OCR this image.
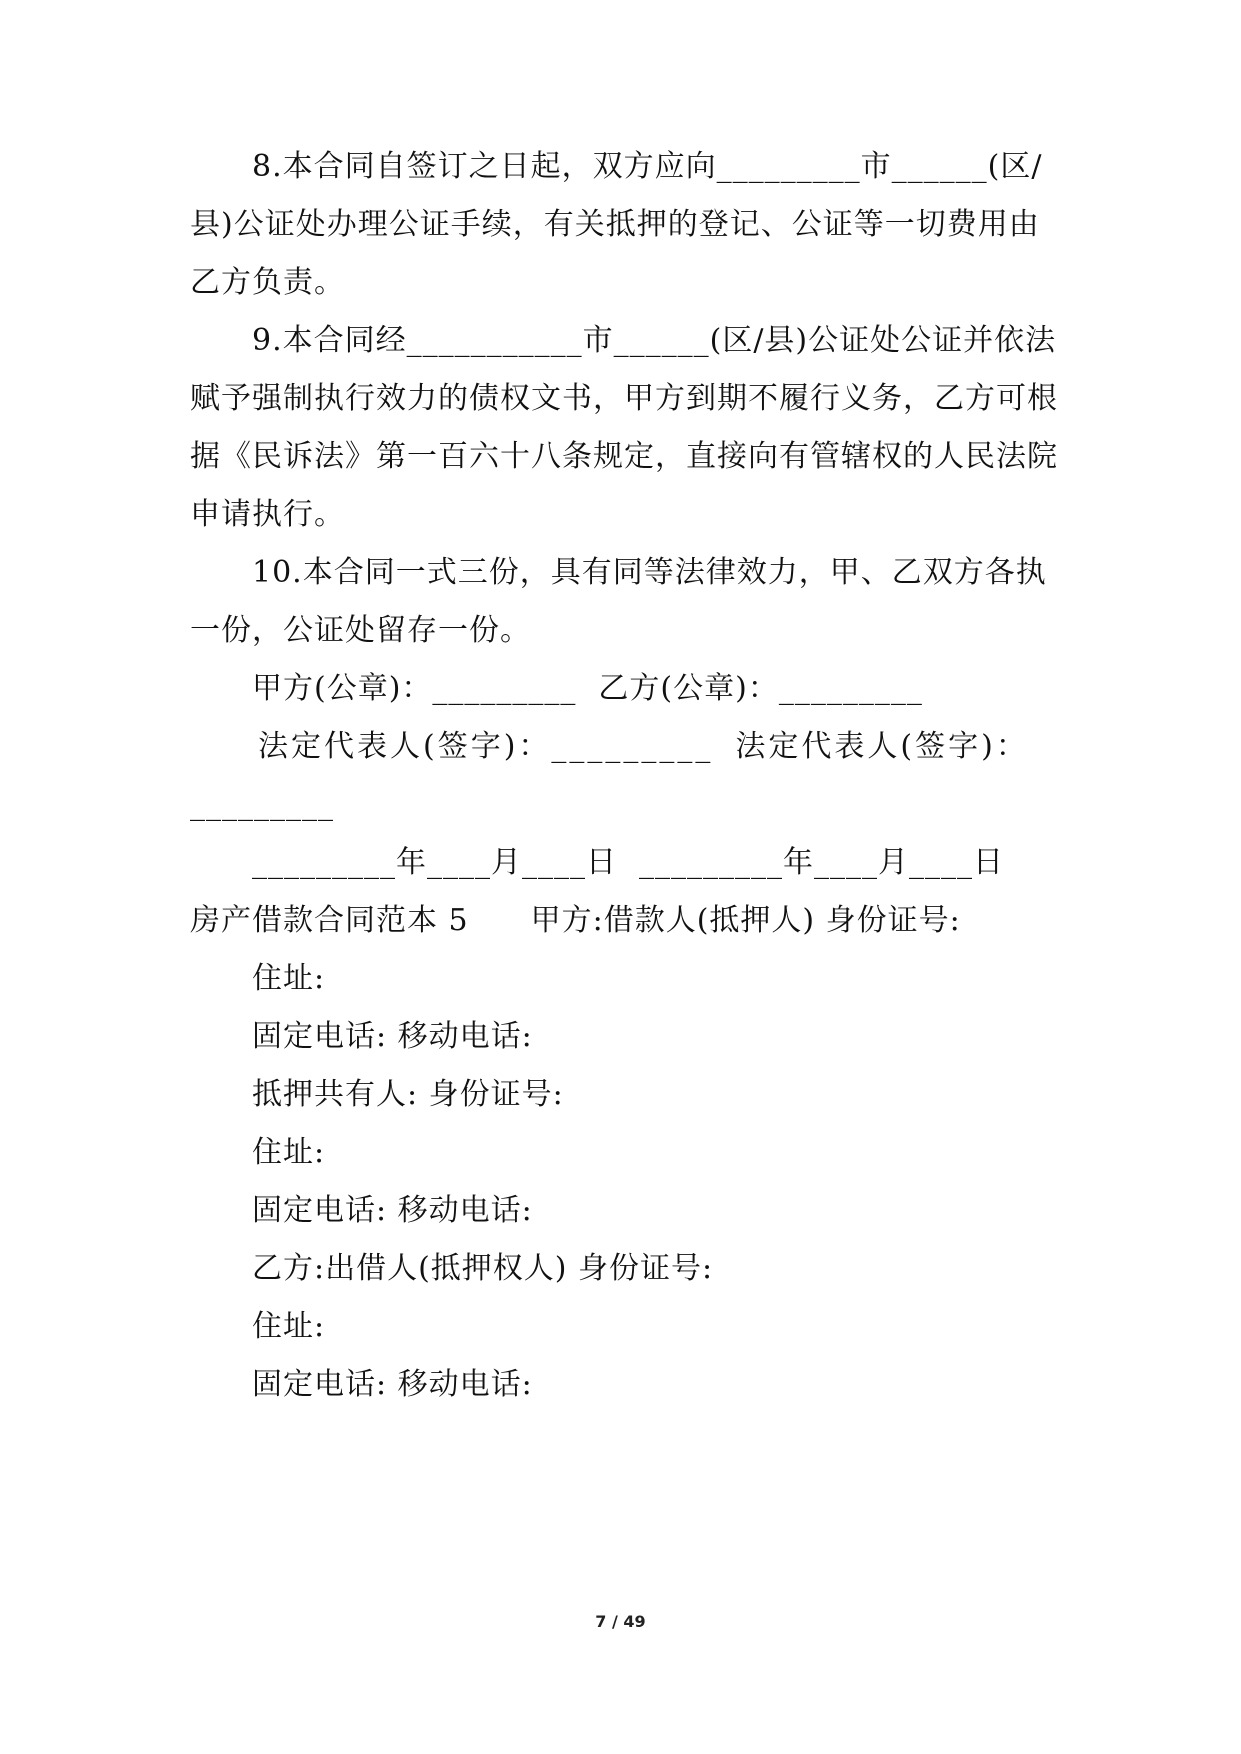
8.本合同自签订之日起，双方应向_________市______(区/
县)公证处办理公证手续，有关抵押的登记、公证等一切费用由
乙方负责。
9.本合同经___________市______(区/县)公证处公证并依法
赋予强制执行效力的债权文书，甲方到期不履行义务，乙方可根
据《民诉法》第一百六十八条规定，直接向有管辖权的人民法院
申请执行。
10.本合同一式三份，具有同等法律效力，甲、乙双方各执
一份，公证处留存一份。
甲方(公章)：_________ 乙方(公章)：_________
法定代表人(签字)：_________ 法定代表人(签字)：
_________
_________年____月____日 _________年____月____日
房产借款合同范本 5 甲方:借款人(抵押人) 身份证号:
住址:
固定电话: 移动电话:
抵押共有人: 身份证号:
住址:
固定电话: 移动电话:
乙方:出借人(抵押权人) 身份证号:
住址:
固定电话: 移动电话:
7 / 49
